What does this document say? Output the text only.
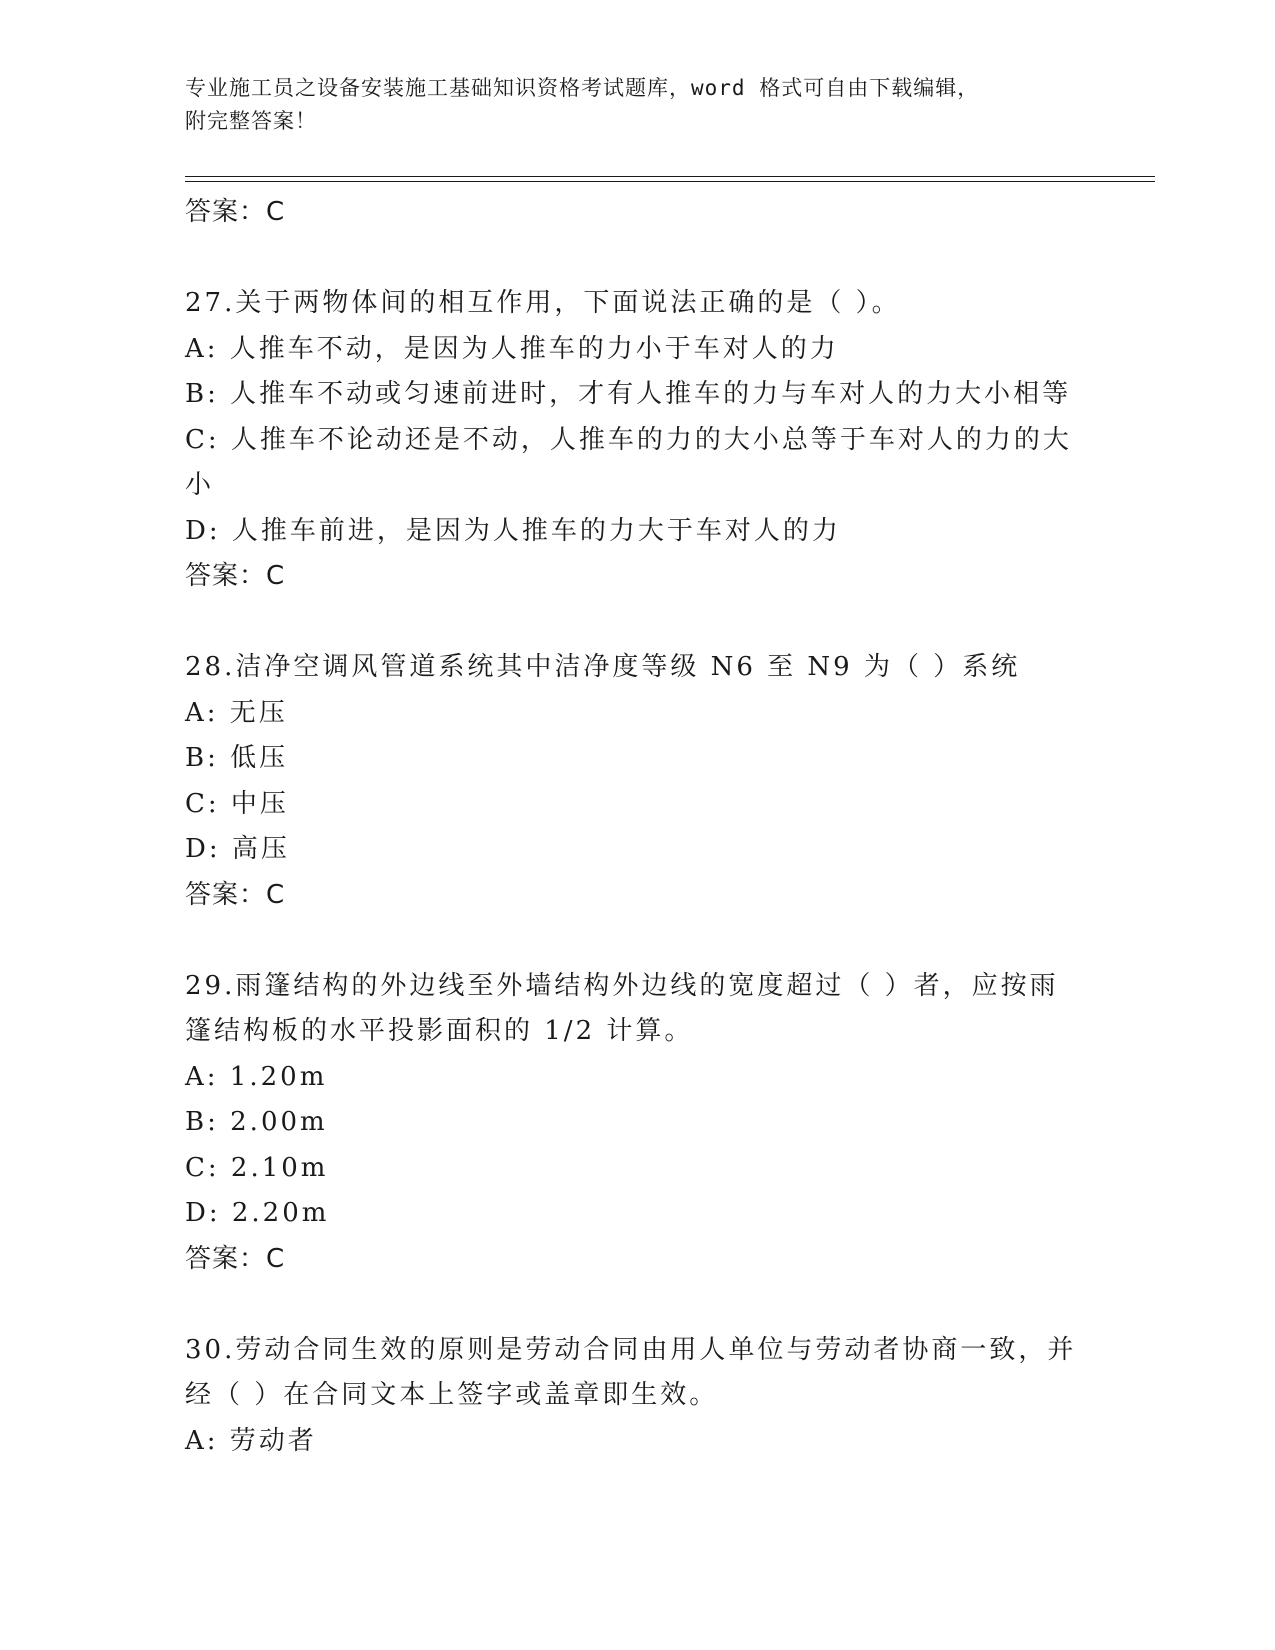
专业施工员之设备安装施工基础知识资格考试题库，word 格式可自由下载编辑，
附完整答案！
答案：C
27.关于两物体间的相互作用，下面说法正确的是（ ）。
A: 人推车不动，是因为人推车的力小于车对人的力
B: 人推车不动或匀速前进时，才有人推车的力与车对人的力大小相等
C: 人推车不论动还是不动，人推车的力的大小总等于车对人的力的大
小
D: 人推车前进，是因为人推车的力大于车对人的力
答案：C
28.洁净空调风管道系统其中洁净度等级 N6 至 N9 为（ ）系统
A: 无压
B: 低压
C: 中压
D: 高压
答案：C
29.雨篷结构的外边线至外墙结构外边线的宽度超过（ ）者，应按雨
篷结构板的水平投影面积的 1/2 计算。
A: 1.20m
B: 2.00m
C: 2.10m
D: 2.20m
答案：C
30.劳动合同生效的原则是劳动合同由用人单位与劳动者协商一致，并
经（ ）在合同文本上签字或盖章即生效。
A: 劳动者
